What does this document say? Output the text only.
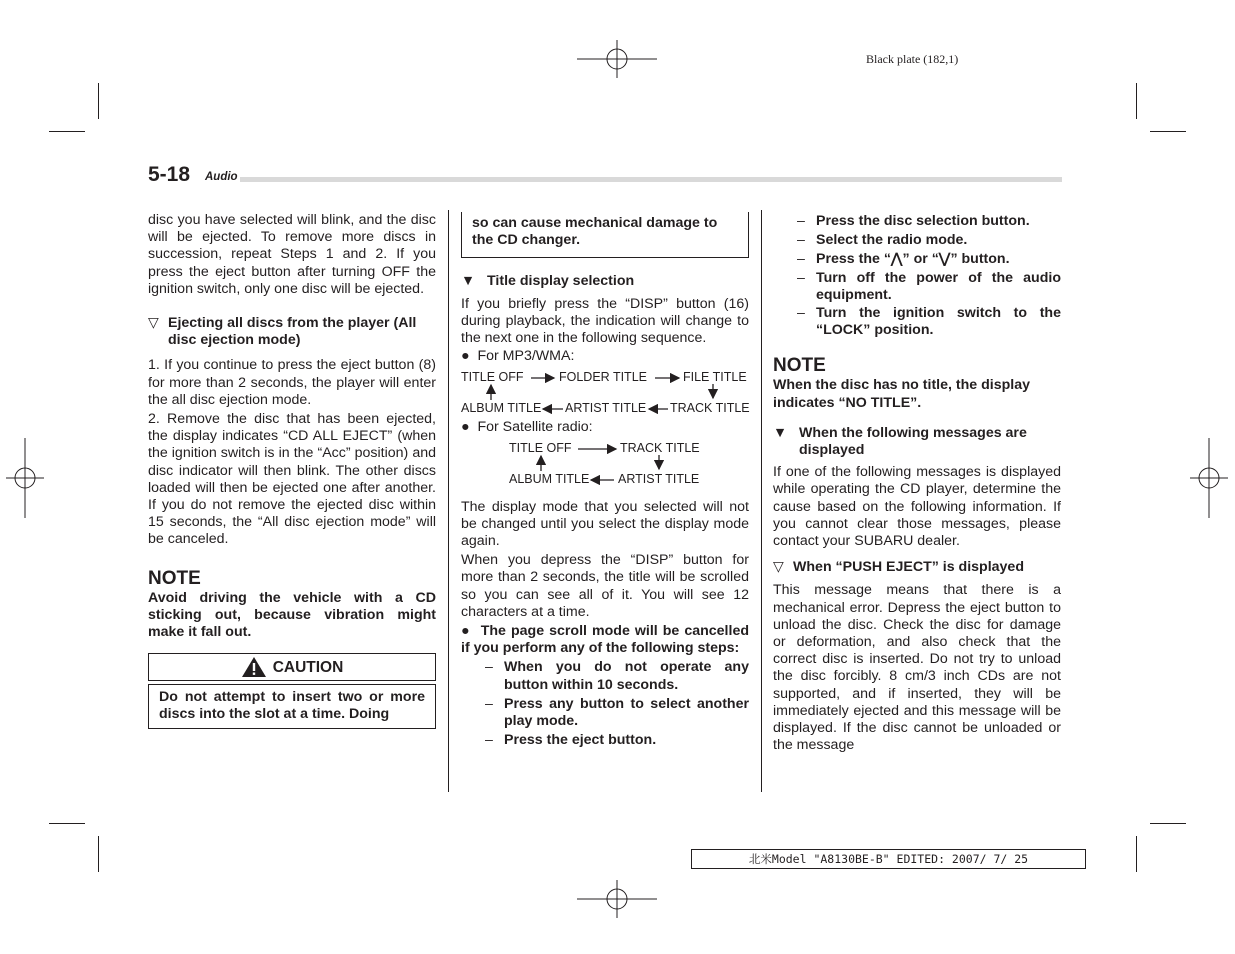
Black plate (182,1)
5-18 Audio

disc you have selected will blink, and the disc will be ejected. To remove more discs in succession, repeat Steps 1 and 2. If you press the eject button after turning OFF the ignition switch, only one disc will be ejected.

▽ Ejecting all discs from the player (All disc ejection mode)

1. If you continue to press the eject button (8) for more than 2 seconds, the player will enter the all disc ejection mode.

2. Remove the disc that has been ejected, the display indicates “CD ALL EJECT” (when the ignition switch is in the “Acc” position) and disc indicator will then blink. The other discs loaded will then be ejected one after another. If you do not remove the ejected disc within 15 seconds, the “All disc ejection mode” will be canceled.

NOTE

Avoid driving the vehicle with a CD sticking out, because vibration might make it fall out.

CAUTION

Do not attempt to insert two or more discs into the slot at a time. Doing

so can cause mechanical damage to the CD changer.

▼ Title display selection

If you briefly press the “DISP” button (16) during playback, the indication will change to the next one in the following sequence.

●  For MP3/WMA:

TITLE OFF	FOLDER TITLE	FILE TITLE
TRACK TITLE
ARTIST TITLE
ALBUM TITLE

●  For Satellite radio:

TITLE OFF	TRACK TITLE
ARTIST TITLE
ALBUM TITLE

The display mode that you selected will not be changed until you select the display mode again.

When you depress the “DISP” button for more than 2 seconds, the title will be scrolled so you can see all of it. You will see 12 characters at a time.

●  The page scroll mode will be cancelled if you perform any of the following steps:

– When you do not operate any button within 10 seconds.
– Press any button to select another play mode.
– Press the eject button.
– Press the disc selection button.
– Select the radio mode.
– Press the “⋀” or “⋁” button.
– Turn off the power of the audio equipment.
– Turn the ignition switch to the “LOCK” position.

NOTE

When the disc has no title, the display indicates “NO TITLE”.

▼ When the following messages are displayed

If one of the following messages is displayed while operating the CD player, determine the cause based on the following information. If you cannot clear those messages, please contact your SUBARU dealer.

▽ When “PUSH EJECT” is displayed

This message means that there is a mechanical error. Depress the eject button to unload the disc. Check the disc for damage or deformation, and also check that the correct disc is inserted. Do not try to unload the disc forcibly. 8 cm/3 inch CDs are not supported, and if inserted, they will be immediately ejected and this message will be displayed. If the disc cannot be unloaded or the message

北米Model "A8130BE-B" EDITED: 2007/ 7/ 25
